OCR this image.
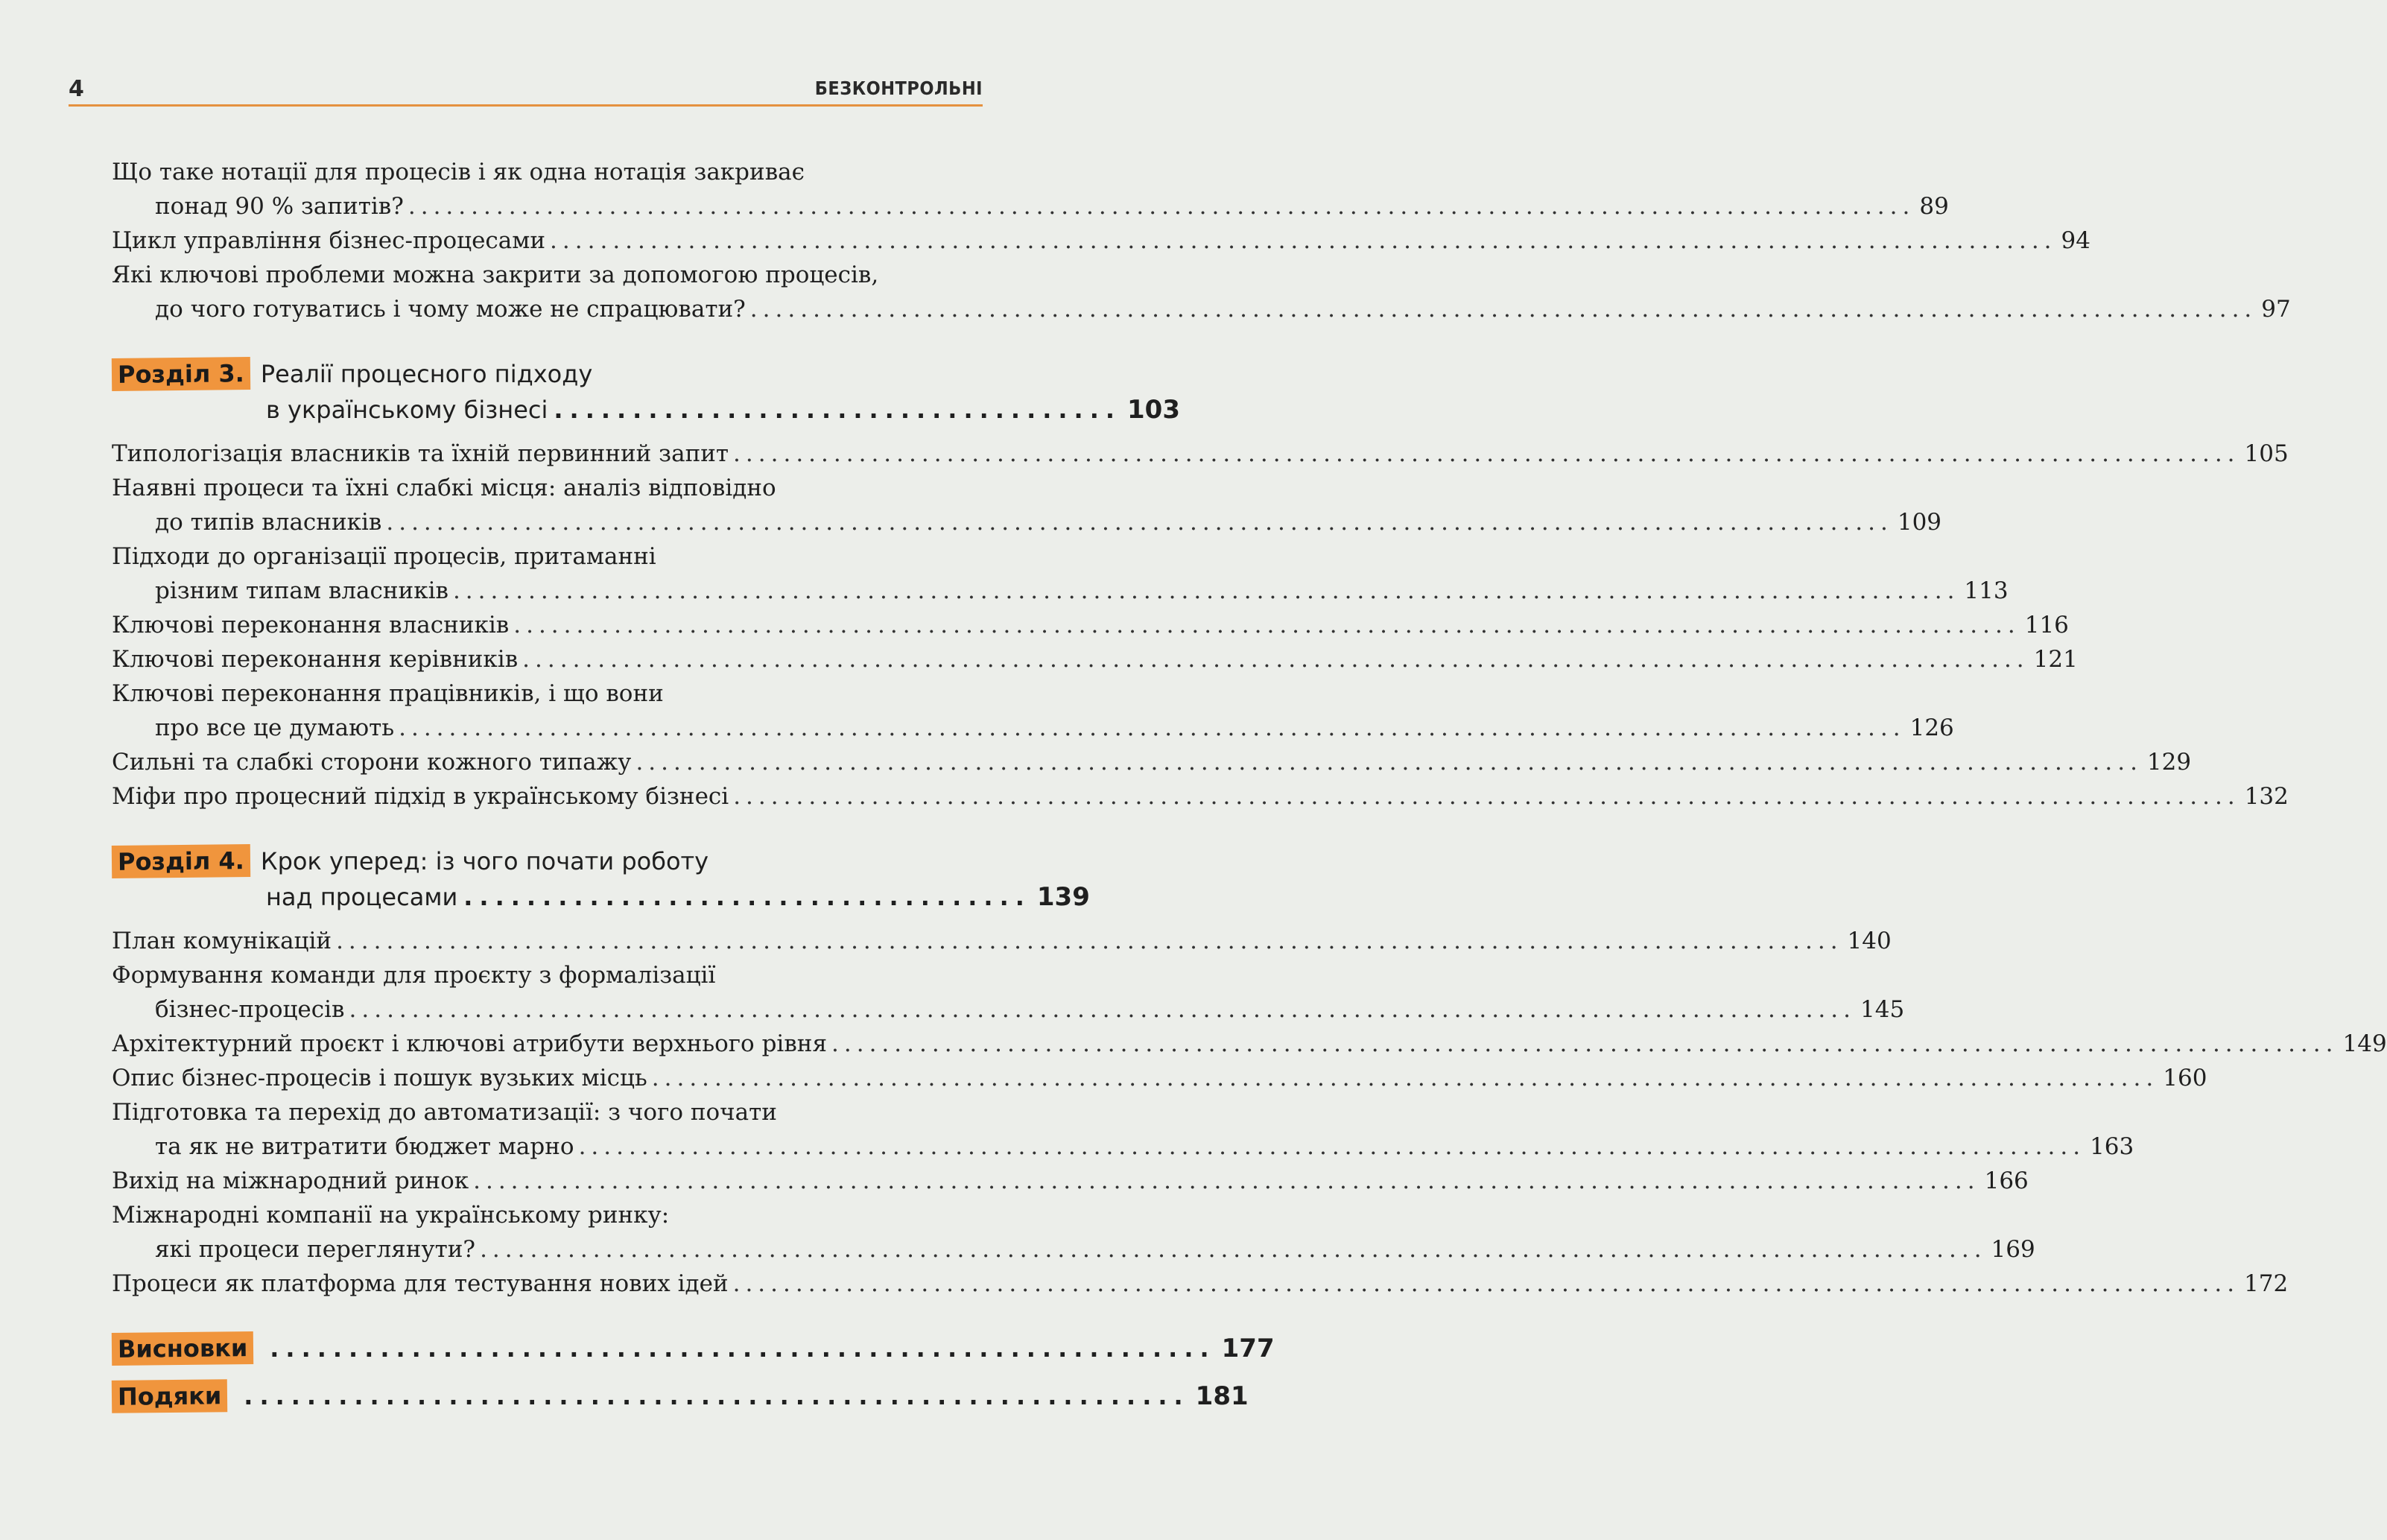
4	БЕЗКОНТРОЛЬНІ
Що таке нотації для процесів і як одна нотація закриває
понад 90 % запитів? ........................................................................................................................ 89
Цикл управління бізнес-процесами ........................................................................................................................ 94
Які ключові проблеми можна закрити за допомогою процесів,
до чого готуватись і чому може не спрацювати? ........................................................................................................................ 97
Розділ 3. Реалії процесного підходу
в українському бізнесі .................................... 103
Типологізація власників та їхній первинний запит ........................................................................................................................ 105
Наявні процеси та їхні слабкі місця: аналіз відповідно
до типів власників ........................................................................................................................ 109
Підходи до організації процесів, притаманні
різним типам власників ........................................................................................................................ 113
Ключові переконання власників ........................................................................................................................ 116
Ключові переконання керівників ........................................................................................................................ 121
Ключові переконання працівників, і що вони
про все це думають ........................................................................................................................ 126
Сильні та слабкі сторони кожного типажу ........................................................................................................................ 129
Міфи про процесний підхід в українському бізнесі ........................................................................................................................ 132
Розділ 4. Крок уперед: із чого почати роботу
над процесами .................................... 139
План комунікацій ........................................................................................................................ 140
Формування команди для проєкту з формалізації
бізнес-процесів ........................................................................................................................ 145
Архітектурний проєкт і ключові атрибути верхнього рівня ........................................................................................................................ 149
Опис бізнес-процесів і пошук вузьких місць ........................................................................................................................ 160
Підготовка та перехід до автоматизації: з чого почати
та як не витратити бюджет марно ........................................................................................................................ 163
Вихід на міжнародний ринок ........................................................................................................................ 166
Міжнародні компанії на українському ринку:
які процеси переглянути? ........................................................................................................................ 169
Процеси як платформа для тестування нових ідей ........................................................................................................................ 172
Висновки ............................................................ 177
Подяки ............................................................ 181
